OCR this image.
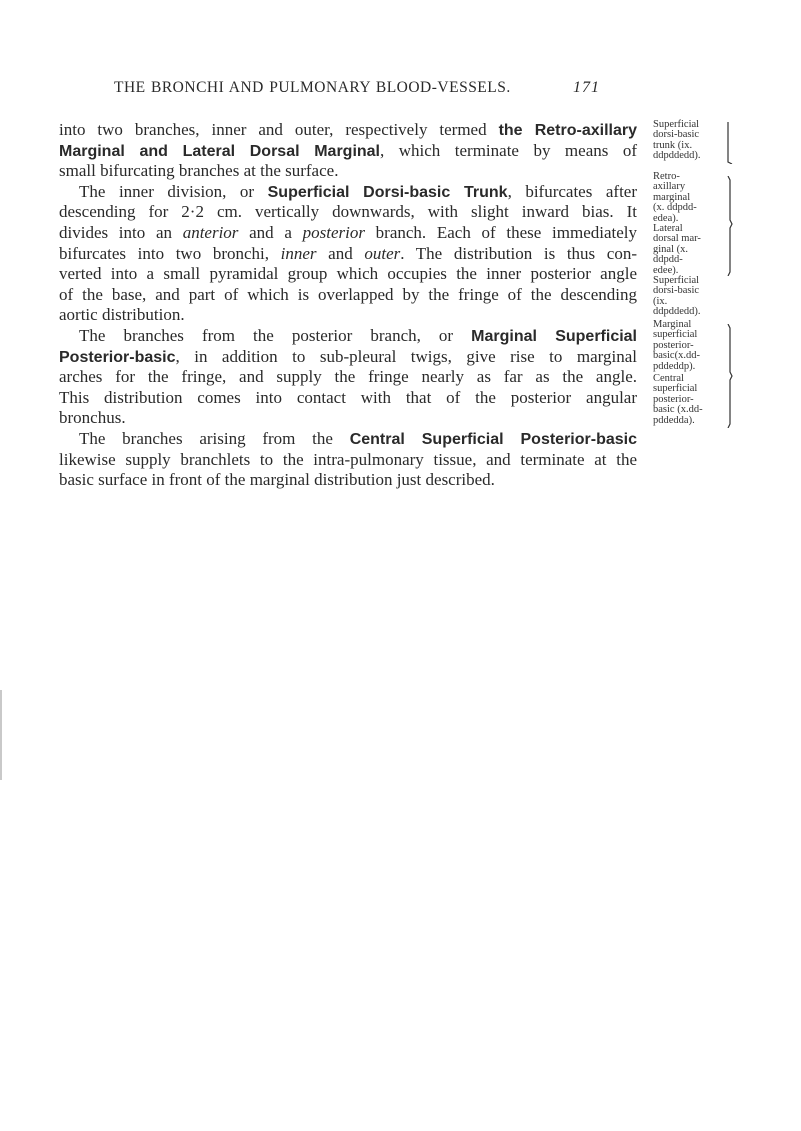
THE BRONCHI AND PULMONARY BLOOD-VESSELS.	171
into two branches, inner and outer, respectively termed the Retro-axillary
Marginal and Lateral Dorsal Marginal, which terminate by means of
small bifurcating branches at the surface.
The inner division, or Superficial Dorsi-basic Trunk, bifurcates after
descending for 2·2 cm. vertically downwards, with slight inward bias. It
divides into an anterior and a posterior branch. Each of these immediately
bifurcates into two bronchi, inner and outer. The distribution is thus con-
verted into a small pyramidal group which occupies the inner posterior angle
of the base, and part of which is overlapped by the fringe of the descending
aortic distribution.
The branches from the posterior branch, or Marginal Superficial
Posterior-basic, in addition to sub-pleural twigs, give rise to marginal
arches for the fringe, and supply the fringe nearly as far as the angle.
This distribution comes into contact with that of the posterior angular
bronchus.
The branches arising from the Central Superficial Posterior-basic
likewise supply branchlets to the intra-pulmonary tissue, and terminate at the
basic surface in front of the marginal distribution just described.
Superficial
dorsi-basic
trunk (ix.
ddpddedd).
Retro-
axillary
marginal
(x. ddpdd-
edea).
Lateral
dorsal mar-
ginal (x.
ddpdd-
edee).
Superficial
dorsi-basic
(ix.
ddpddedd).
Marginal
superficial
posterior-
basic(x.dd-
pddeddp).
Central
superficial
posterior-
basic (x.dd-
pddedda).
